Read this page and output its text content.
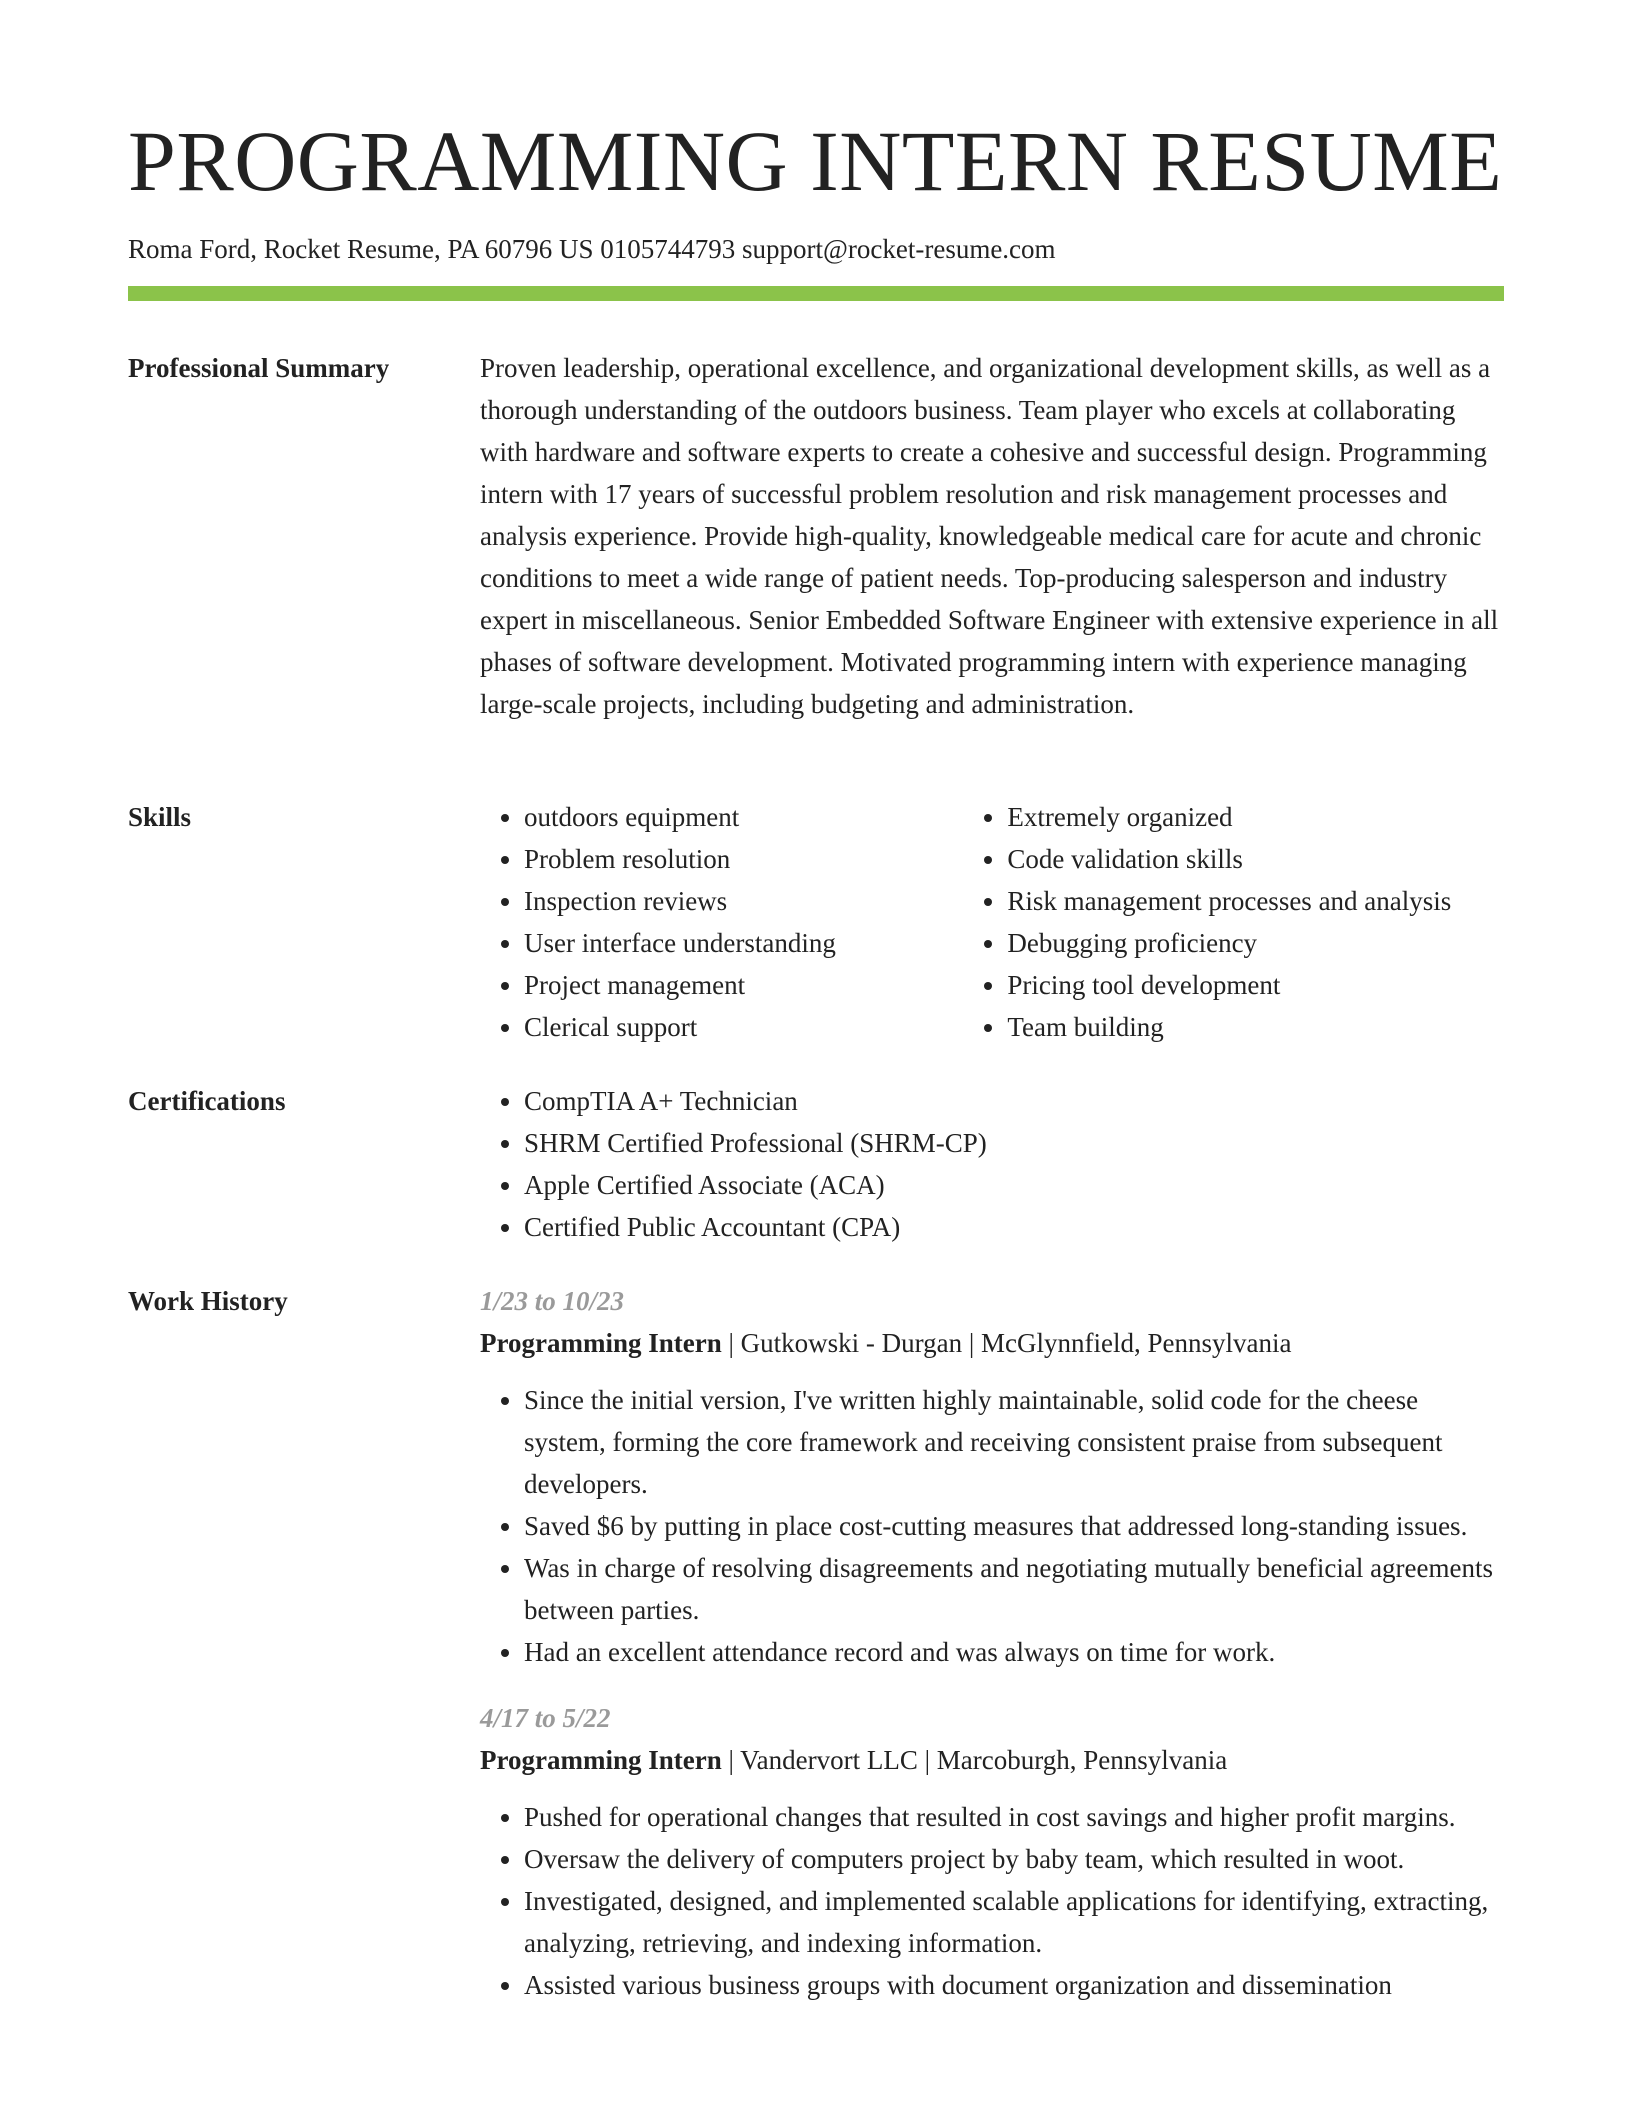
PROGRAMMING INTERN RESUME
Roma Ford, Rocket Resume, PA 60796 US 0105744793 support@rocket-resume.com
Professional Summary	Proven leadership, operational excellence, and organizational development skills, as well as a thorough understanding of the outdoors business. Team player who excels at collaborating with hardware and software experts to create a cohesive and successful design. Programming intern with 17 years of successful problem resolution and risk management processes and analysis experience. Provide high-quality, knowledgeable medical care for acute and chronic conditions to meet a wide range of patient needs. Top-producing salesperson and industry expert in miscellaneous. Senior Embedded Software Engineer with extensive experience in all phases of software development. Motivated programming intern with experience managing large-scale projects, including budgeting and administration.

Skills	• outdoors equipment
• Problem resolution
• Inspection reviews
• User interface understanding
• Project management
• Clerical support
• Extremely organized
• Code validation skills
• Risk management processes and analysis
• Debugging proficiency
• Pricing tool development
• Team building
Certifications	• CompTIA A+ Technician
• SHRM Certified Professional (SHRM-CP)
• Apple Certified Associate (ACA)
• Certified Public Accountant (CPA)
Work History	1/23 to 10/23
Programming Intern | Gutkowski - Durgan | McGlynnfield, Pennsylvania
• Since the initial version, I've written highly maintainable, solid code for the cheese system, forming the core framework and receiving consistent praise from subsequent developers.
• Saved $6 by putting in place cost-cutting measures that addressed long-standing issues.
• Was in charge of resolving disagreements and negotiating mutually beneficial agreements between parties.
• Had an excellent attendance record and was always on time for work.
4/17 to 5/22
Programming Intern | Vandervort LLC | Marcoburgh, Pennsylvania
• Pushed for operational changes that resulted in cost savings and higher profit margins.
• Oversaw the delivery of computers project by baby team, which resulted in woot.
• Investigated, designed, and implemented scalable applications for identifying, extracting, analyzing, retrieving, and indexing information.
• Assisted various business groups with document organization and dissemination
